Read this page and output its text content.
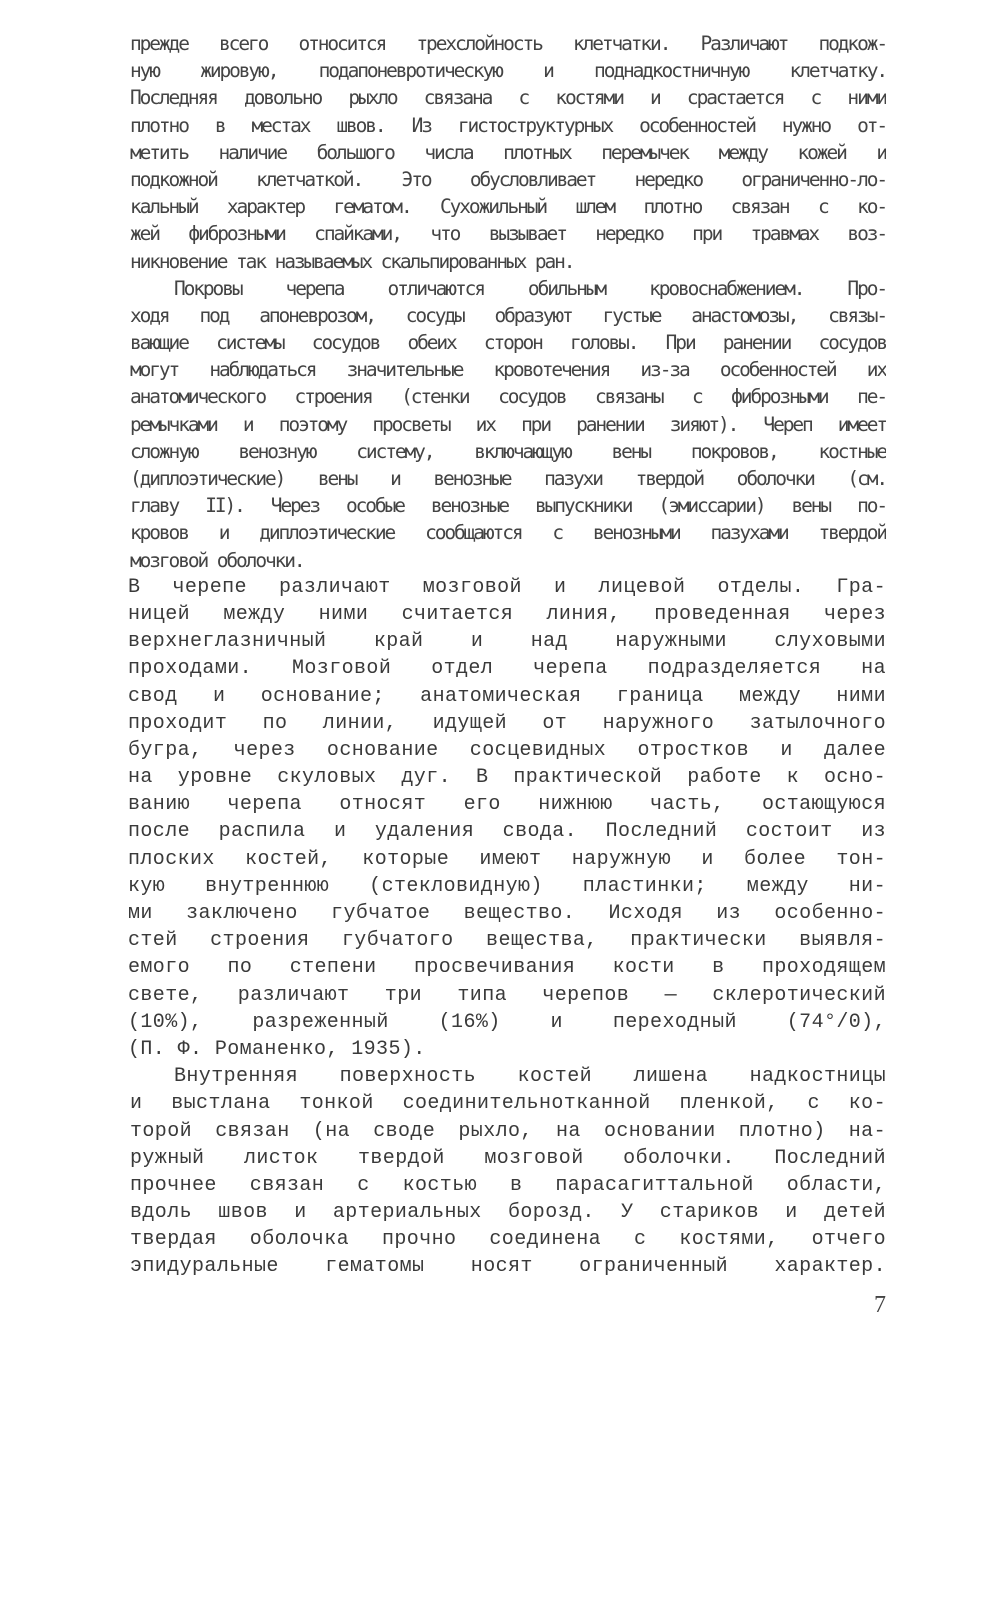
прежде всего относится трехслойность клетчатки. Различают подкож-
ную жировую, подапоневротическую и поднадкостничную клетчатку.
Последняя довольно рыхло связана с костями и срастается с ними
плотно в местах швов. Из гистоструктурных особенностей нужно от-
метить наличие большого числа плотных перемычек между кожей и
подкожной клетчаткой. Это обусловливает нередко ограниченно-ло-
кальный характер гематом. Сухожильный шлем плотно связан с ко-
жей фиброзными спайками, что вызывает нередко при травмах воз-
никновение так называемых скальпированных ран.
Покровы черепа отличаются обильным кровоснабжением. Про-
ходя под апоневрозом, сосуды образуют густые анастомозы, связы-
вающие системы сосудов обеих сторон головы. При ранении сосудов
могут наблюдаться значительные кровотечения из-за особенностей их
анатомического строения (стенки сосудов связаны с фиброзными пе-
ремычками и поэтому просветы их при ранении зияют). Череп имеет
сложную венозную систему, включающую вены покровов, костные
(диплоэтические) вены и венозные пазухи твердой оболочки (см.
главу II). Через особые венозные выпускники (эмиссарии) вены по-
кровов и диплоэтические сообщаются с венозными пазухами твердой
мозговой оболочки.
В черепе различают мозговой и лицевой отделы. Гра-
ницей между ними считается линия, проведенная через
верхнеглазничный край и над наружными слуховыми
проходами. Мозговой отдел черепа подразделяется на
свод и основание; анатомическая граница между ними
проходит по линии, идущей от наружного затылочного
бугра, через основание сосцевидных отростков и далее
на уровне скуловых дуг. В практической работе к осно-
ванию черепа относят его нижнюю часть, остающуюся
после распила и удаления свода. Последний состоит из
плоских костей, которые имеют наружную и более тон-
кую внутреннюю (стекловидную) пластинки; между ни-
ми заключено губчатое вещество. Исходя из особенно-
стей строения губчатого вещества, практически выявля-
емого по степени просвечивания кости в проходящем
свете, различают три типа черепов — склеротический
(10%), разреженный (16%) и переходный (74°/0),
(П. Ф. Романенко, 1935).
Внутренняя поверхность костей лишена надкостницы
и выстлана тонкой соединительнотканной пленкой, с ко-
торой связан (на своде рыхло, на основании плотно) на-
ружный листок твердой мозговой оболочки. Последний
прочнее связан с костью в парасагиттальной области,
вдоль швов и артериальных борозд. У стариков и детей
твердая оболочка прочно соединена с костями, отчего
эпидуральные гематомы носят ограниченный характер.
7
